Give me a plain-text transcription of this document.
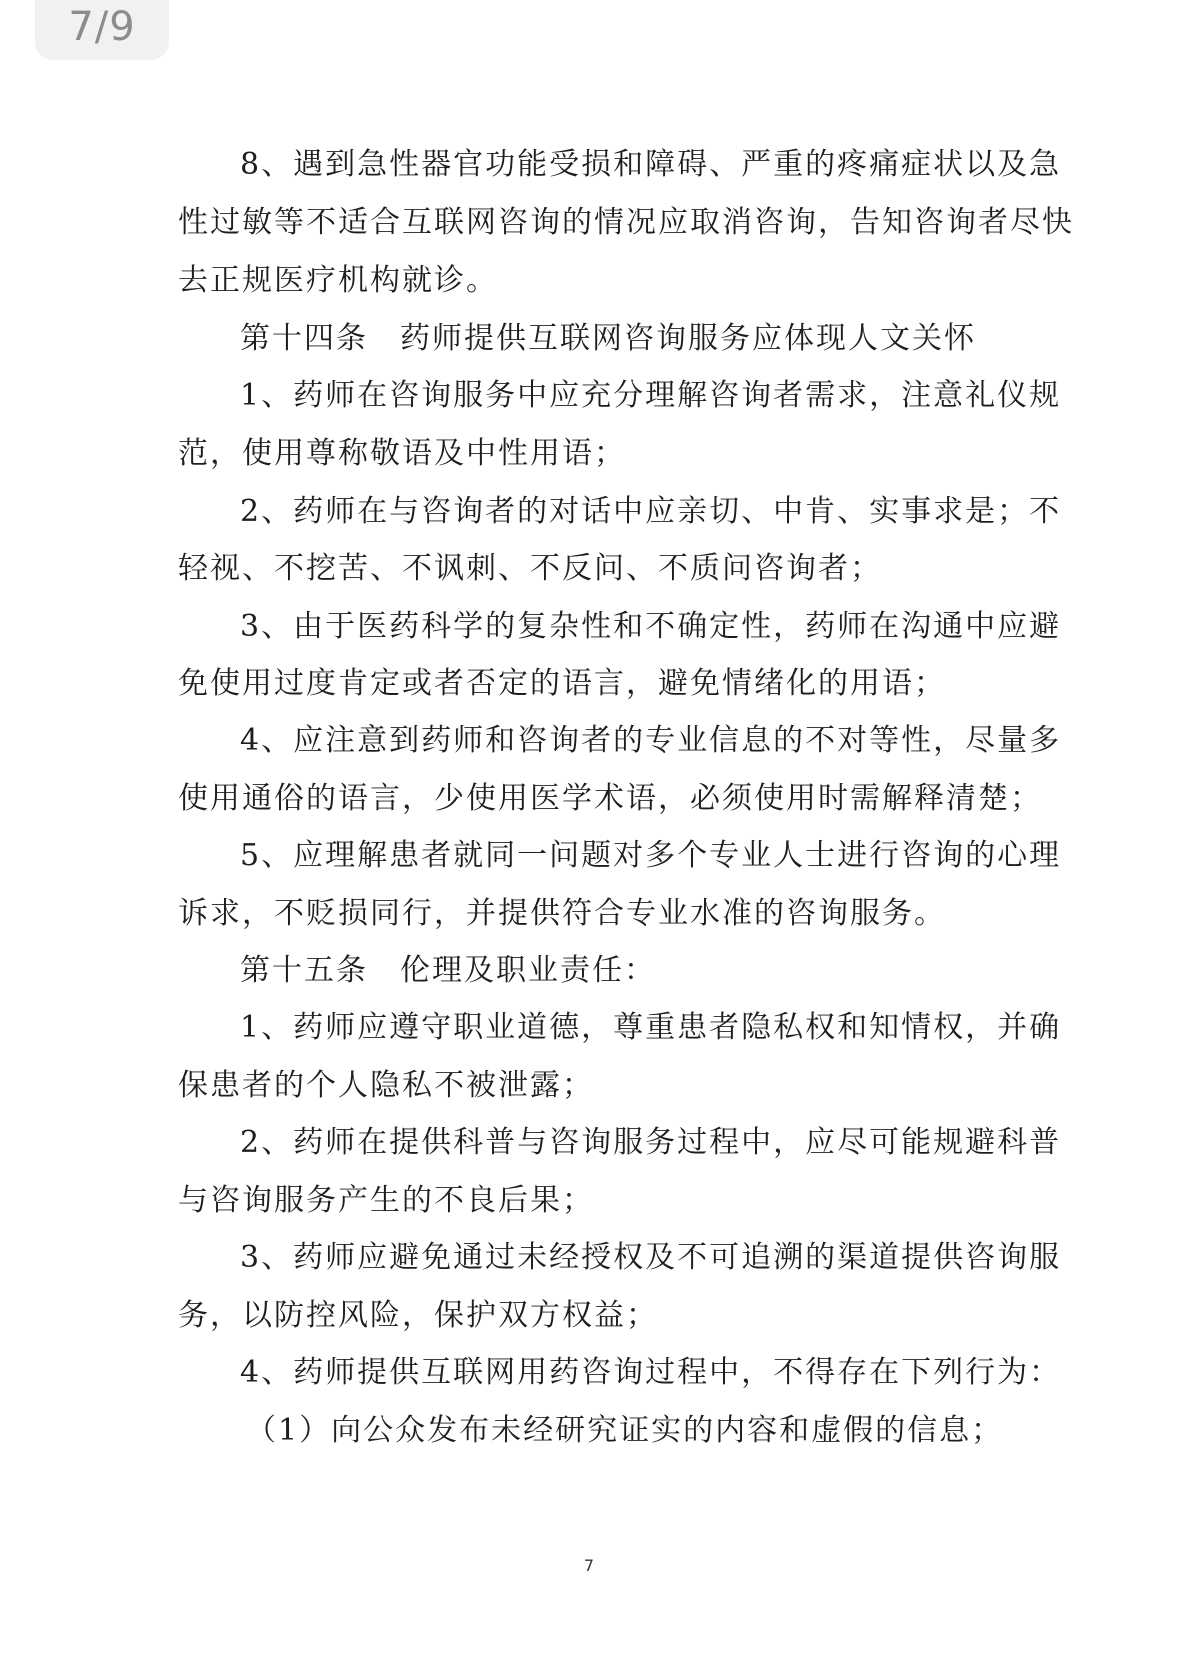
7/9
8、遇到急性器官功能受损和障碍、严重的疼痛症状以及急
性过敏等不适合互联网咨询的情况应取消咨询，告知咨询者尽快
去正规医疗机构就诊。
第十四条　药师提供互联网咨询服务应体现人文关怀
1、药师在咨询服务中应充分理解咨询者需求，注意礼仪规
范，使用尊称敬语及中性用语；
2、药师在与咨询者的对话中应亲切、中肯、实事求是；不
轻视、不挖苦、不讽刺、不反问、不质问咨询者；
3、由于医药科学的复杂性和不确定性，药师在沟通中应避
免使用过度肯定或者否定的语言，避免情绪化的用语；
4、应注意到药师和咨询者的专业信息的不对等性，尽量多
使用通俗的语言，少使用医学术语，必须使用时需解释清楚；
5、应理解患者就同一问题对多个专业人士进行咨询的心理
诉求，不贬损同行，并提供符合专业水准的咨询服务。
第十五条　伦理及职业责任：
1、药师应遵守职业道德，尊重患者隐私权和知情权，并确
保患者的个人隐私不被泄露；
2、药师在提供科普与咨询服务过程中，应尽可能规避科普
与咨询服务产生的不良后果；
3、药师应避免通过未经授权及不可追溯的渠道提供咨询服
务，以防控风险，保护双方权益；
4、药师提供互联网用药咨询过程中，不得存在下列行为：
（1）向公众发布未经研究证实的内容和虚假的信息；
7
